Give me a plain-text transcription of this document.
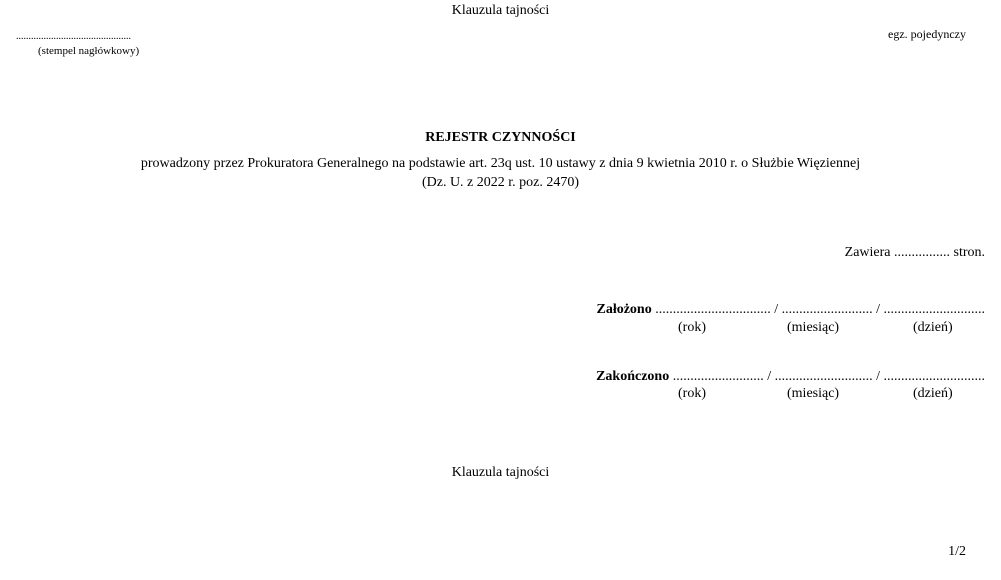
Klauzula tajności
..............................................
(stempel nagłówkowy)
egz. pojedynczy
REJESTR CZYNNOŚCI
prowadzony przez Prokuratora Generalnego na podstawie art. 23q ust. 10 ustawy z dnia 9 kwietnia 2010 r. o Służbie Więziennej
(Dz. U. z 2022 r. poz. 2470)
Zawiera ................ stron.
Założono ................................. / .......................... / .............................
(rok)	(miesiąc)	(dzień)
Zakończono .......................... / ............................ / .............................
(rok)	(miesiąc)	(dzień)
Klauzula tajności
1/2
